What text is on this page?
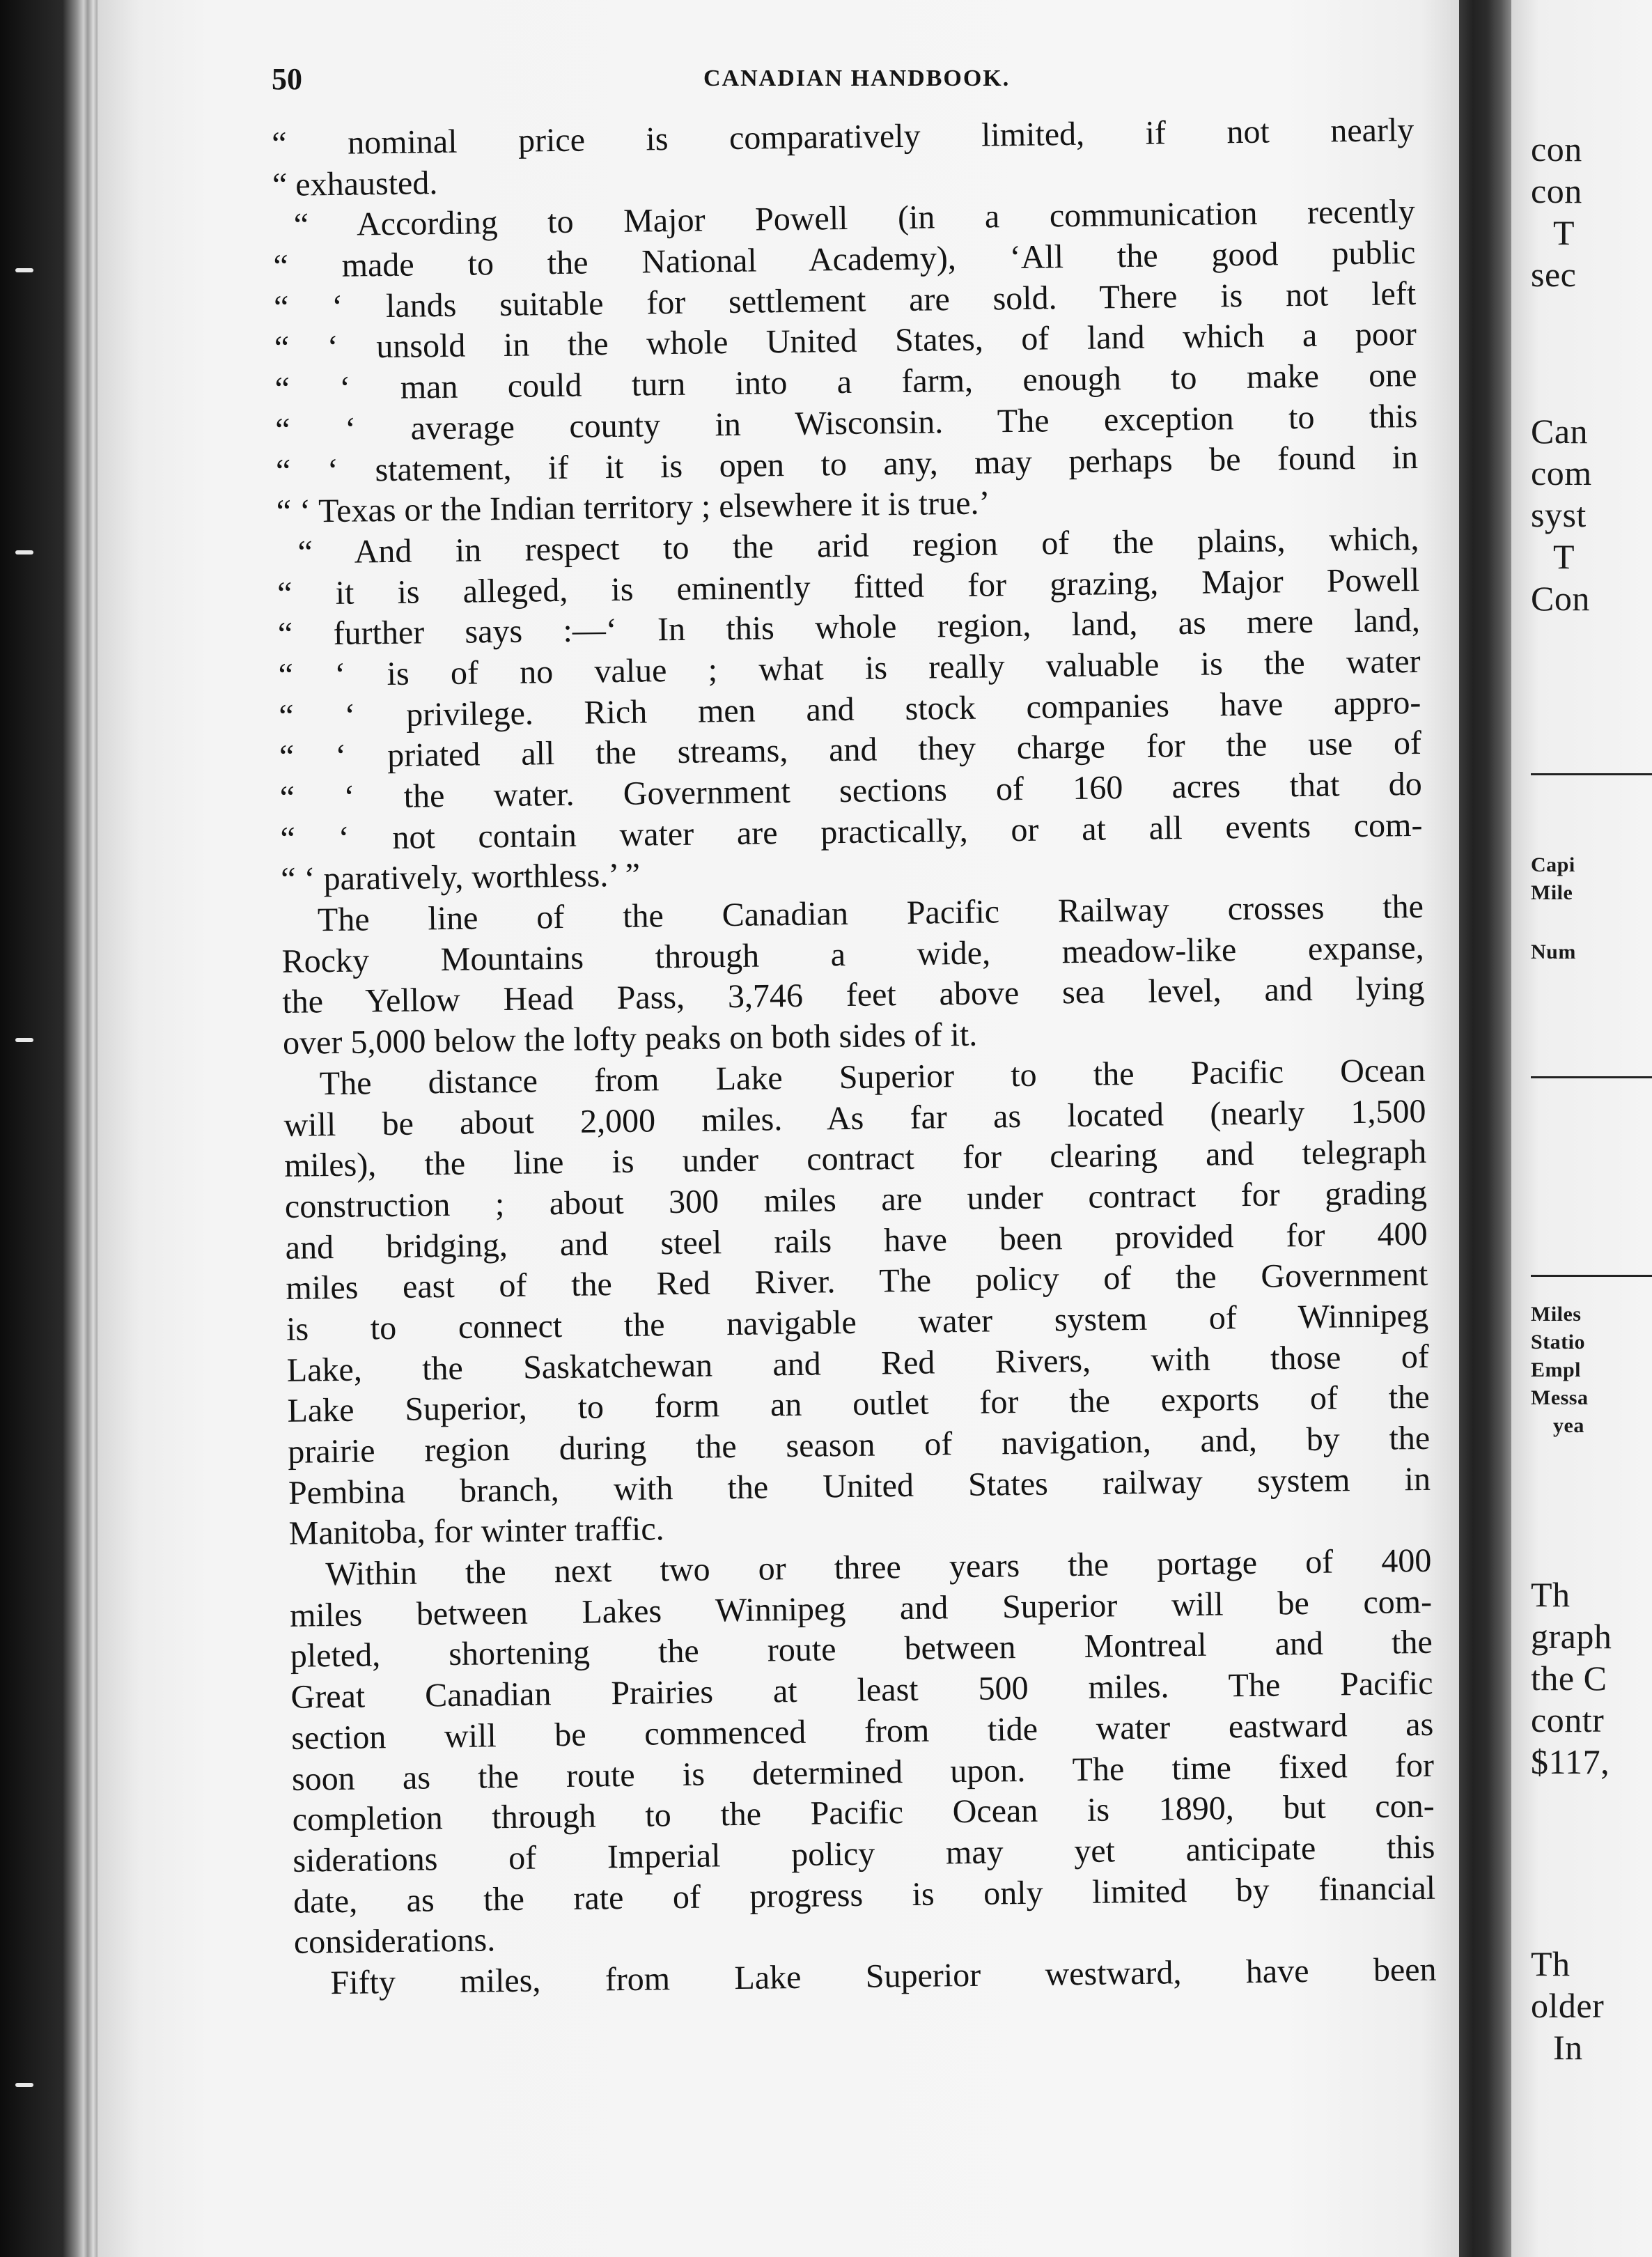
50	CANADIAN HANDBOOK.
“ nominal price is comparatively limited, if not nearly
“ exhausted.
“ According to Major Powell (in a communication recently
“ made to the National Academy), ‘All the good public
“ ‘ lands suitable for settlement are sold. There is not left
“ ‘ unsold in the whole United States, of land which a poor
“ ‘ man could turn into a farm, enough to make one
“ ‘ average county in Wisconsin. The exception to this
“ ‘ statement, if it is open to any, may perhaps be found in
“ ‘ Texas or the Indian territory ; elsewhere it is true.’
“ And in respect to the arid region of the plains, which,
“ it is alleged, is eminently fitted for grazing, Major Powell
“ further says :—‘ In this whole region, land, as mere land,
“ ‘ is of no value ; what is really valuable is the water
“ ‘ privilege. Rich men and stock companies have appro-
“ ‘ priated all the streams, and they charge for the use of
“ ‘ the water. Government sections of 160 acres that do
“ ‘ not contain water are practically, or at all events com-
“ ‘ paratively, worthless.’ ”
The line of the Canadian Pacific Railway crosses the
Rocky Mountains through a wide, meadow-like expanse,
the Yellow Head Pass, 3,746 feet above sea level, and lying
over 5,000 below the lofty peaks on both sides of it.
The distance from Lake Superior to the Pacific Ocean
will be about 2,000 miles. As far as located (nearly 1,500
miles), the line is under contract for clearing and telegraph
construction ; about 300 miles are under contract for grading
and bridging, and steel rails have been provided for 400
miles east of the Red River. The policy of the Government
is to connect the navigable water system of Winnipeg
Lake, the Saskatchewan and Red Rivers, with those of
Lake Superior, to form an outlet for the exports of the
prairie region during the season of navigation, and, by the
Pembina branch, with the United States railway system in
Manitoba, for winter traffic.
Within the next two or three years the portage of 400
miles between Lakes Winnipeg and Superior will be com-
pleted, shortening the route between Montreal and the
Great Canadian Prairies at least 500 miles. The Pacific
section will be commenced from tide water eastward as
soon as the route is determined upon. The time fixed for
completion through to the Pacific Ocean is 1890, but con-
siderations of Imperial policy may yet anticipate this
date, as the rate of progress is only limited by financial
considerations.
Fifty miles, from Lake Superior westward, have been
con
con
T
sec
Can
com
syst
T
Con
Capi
Mile
Num
Miles
Statio
Empl
Messa
yea
Th
graph
the C
contr
$117,
Th
older
In
